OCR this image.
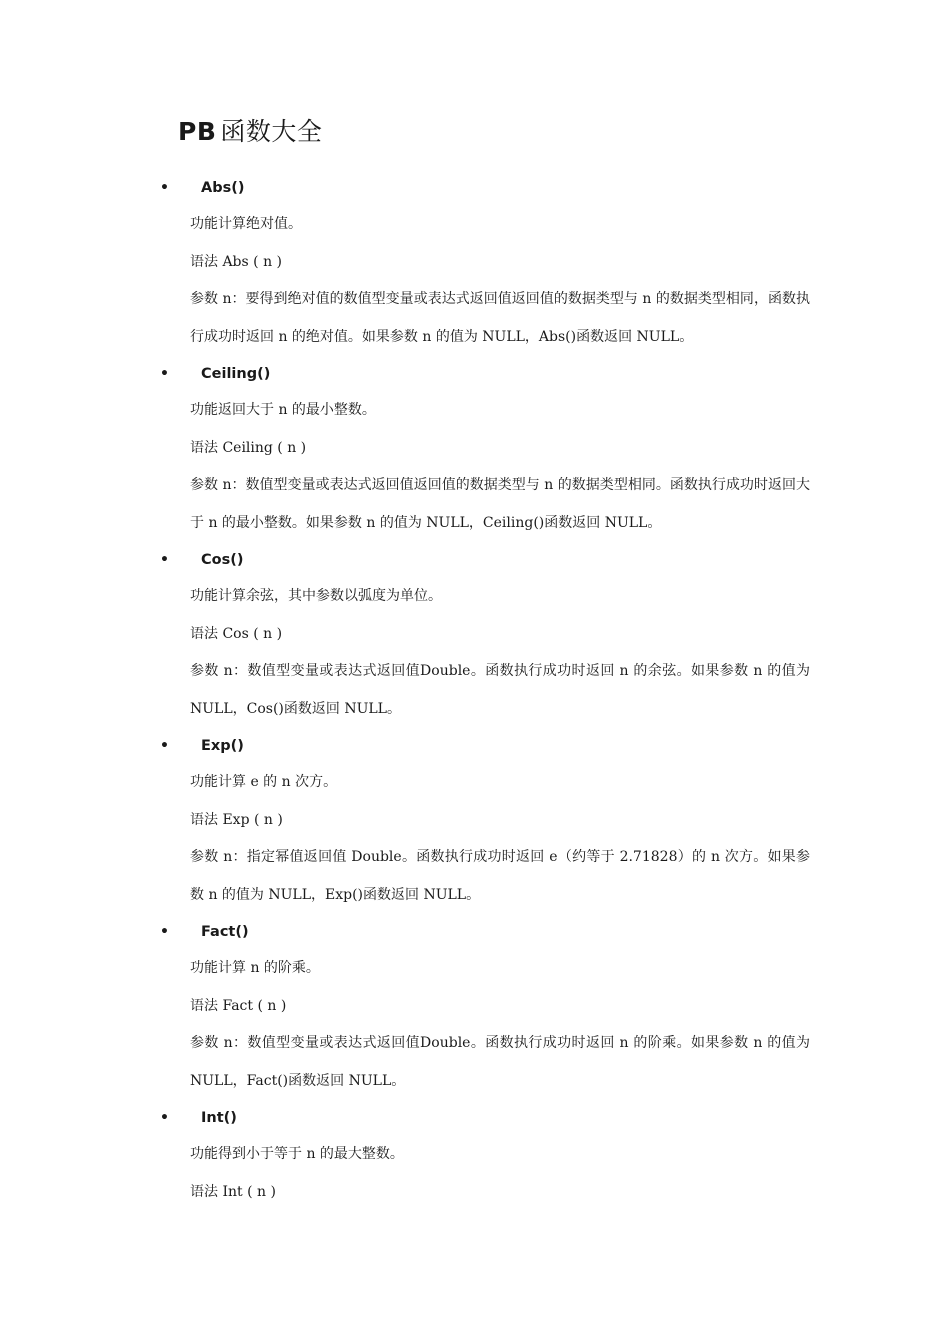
PB 函数大全
• Abs()

功能计算绝对值。

语法 Abs ( n )

参数 n：要得到绝对值的数值型变量或表达式返回值返回值的数据类型与 n 的数据类型相同，函数执行成功时返回 n 的绝对值。如果参数 n 的值为 NULL，Abs()函数返回 NULL。

• Ceiling()

功能返回大于 n 的最小整数。

语法 Ceiling ( n )

参数 n：数值型变量或表达式返回值返回值的数据类型与 n 的数据类型相同。函数执行成功时返回大于 n 的最小整数。如果参数 n 的值为 NULL，Ceiling()函数返回 NULL。

• Cos()

功能计算余弦，其中参数以弧度为单位。

语法 Cos ( n )

参数 n：数值型变量或表达式返回值Double。函数执行成功时返回 n 的余弦。如果参数 n 的值为 NULL，Cos()函数返回 NULL。

• Exp()

功能计算 e 的 n 次方。

语法 Exp ( n )

参数 n：指定幂值返回值 Double。函数执行成功时返回 e（约等于 2.71828）的 n 次方。如果参数 n 的值为 NULL，Exp()函数返回 NULL。

• Fact()

功能计算 n 的阶乘。

语法 Fact ( n )

参数 n：数值型变量或表达式返回值Double。函数执行成功时返回 n 的阶乘。如果参数 n 的值为 NULL，Fact()函数返回 NULL。

• Int()

功能得到小于等于 n 的最大整数。

语法 Int ( n )
